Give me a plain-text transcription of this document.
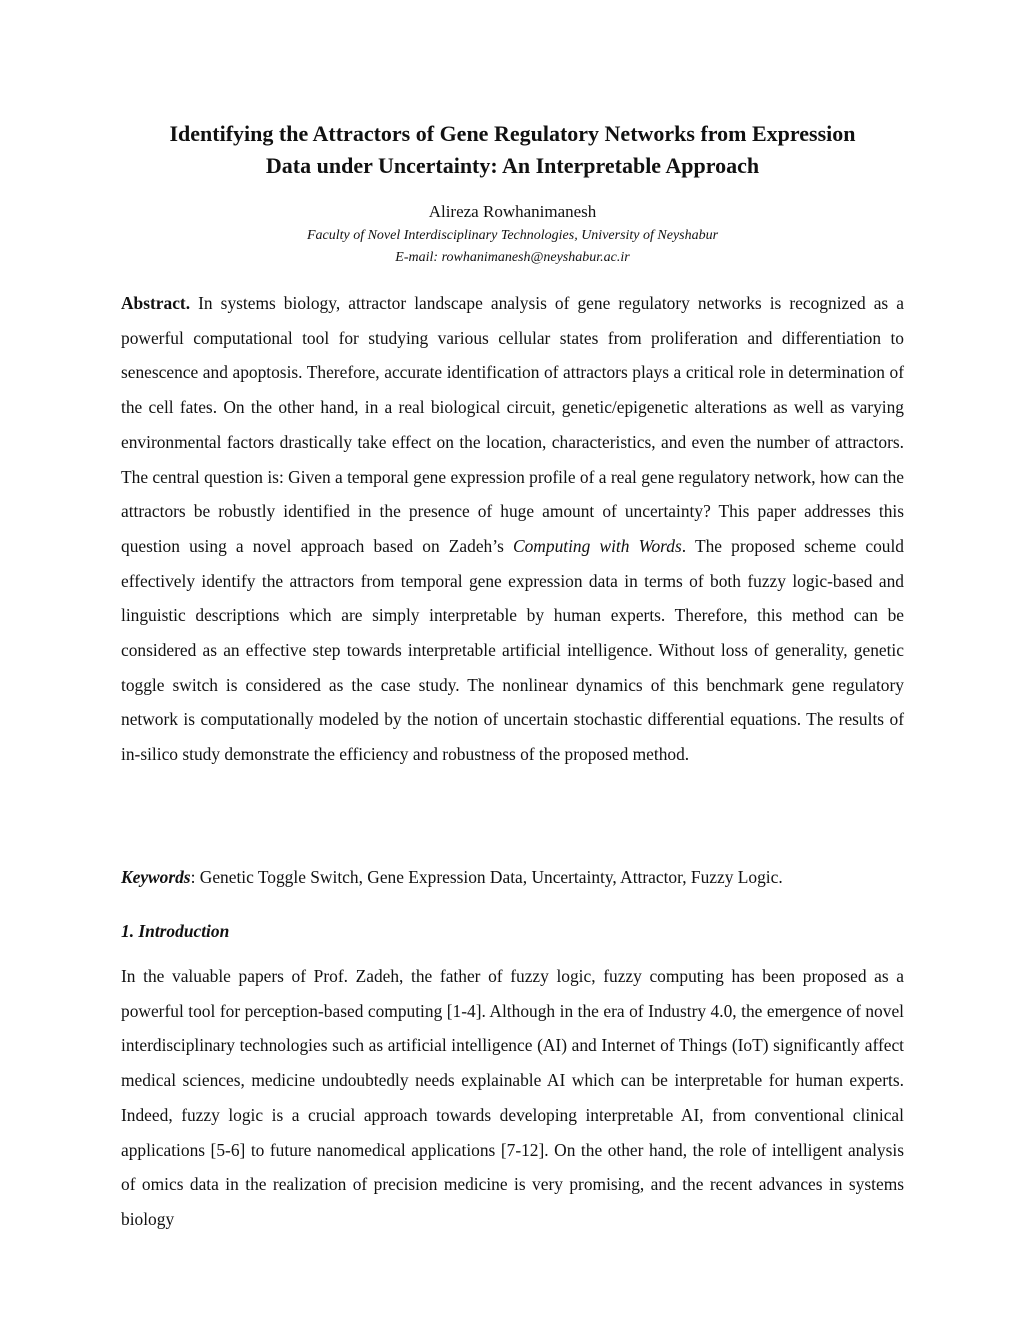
Identifying the Attractors of Gene Regulatory Networks from Expression
Data under Uncertainty: An Interpretable Approach
Alireza Rowhanimanesh
Faculty of Novel Interdisciplinary Technologies, University of Neyshabur
E-mail: rowhanimanesh@neyshabur.ac.ir

Abstract. In systems biology, attractor landscape analysis of gene regulatory networks is recognized as a powerful computational tool for studying various cellular states from proliferation and differentiation to senescence and apoptosis. Therefore, accurate identification of attractors plays a critical role in determination of the cell fates. On the other hand, in a real biological circuit, genetic/epigenetic alterations as well as varying environmental factors drastically take effect on the location, characteristics, and even the number of attractors. The central question is: Given a temporal gene expression profile of a real gene regulatory network, how can the attractors be robustly identified in the presence of huge amount of uncertainty? This paper addresses this question using a novel approach based on Zadeh’s Computing with Words. The proposed scheme could effectively identify the attractors from temporal gene expression data in terms of both fuzzy logic-based and linguistic descriptions which are simply interpretable by human experts. Therefore, this method can be considered as an effective step towards interpretable artificial intelligence. Without loss of generality, genetic toggle switch is considered as the case study. The nonlinear dynamics of this benchmark gene regulatory network is computationally modeled by the notion of uncertain stochastic differential equations. The results of in-silico study demonstrate the efficiency and robustness of the proposed method.

Keywords: Genetic Toggle Switch, Gene Expression Data, Uncertainty, Attractor, Fuzzy Logic.

1. Introduction

In the valuable papers of Prof. Zadeh, the father of fuzzy logic, fuzzy computing has been proposed as a powerful tool for perception-based computing [1-4]. Although in the era of Industry 4.0, the emergence of novel interdisciplinary technologies such as artificial intelligence (AI) and Internet of Things (IoT) significantly affect medical sciences, medicine undoubtedly needs explainable AI which can be interpretable for human experts. Indeed, fuzzy logic is a crucial approach towards developing interpretable AI, from conventional clinical applications [5-6] to future nanomedical applications [7-12]. On the other hand, the role of intelligent analysis of omics data in the realization of precision medicine is very promising, and the recent advances in systems biology
